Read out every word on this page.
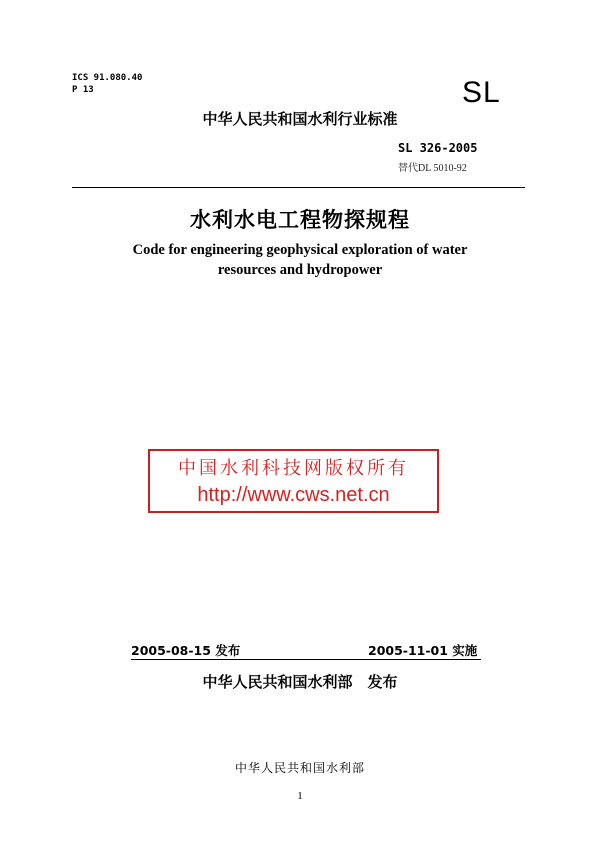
ICS 91.080.40
P 13	SL
中华人民共和国水利行业标准
SL 326-2005
替代DL 5010-92
水利水电工程物探规程
Code for engineering geophysical exploration of water resources and hydropower
中国水利科技网版权所有
http://www.cws.net.cn
2005-08-15 发布	2005-11-01 实施
中华人民共和国水利部　发布
中华人民共和国水利部
1
